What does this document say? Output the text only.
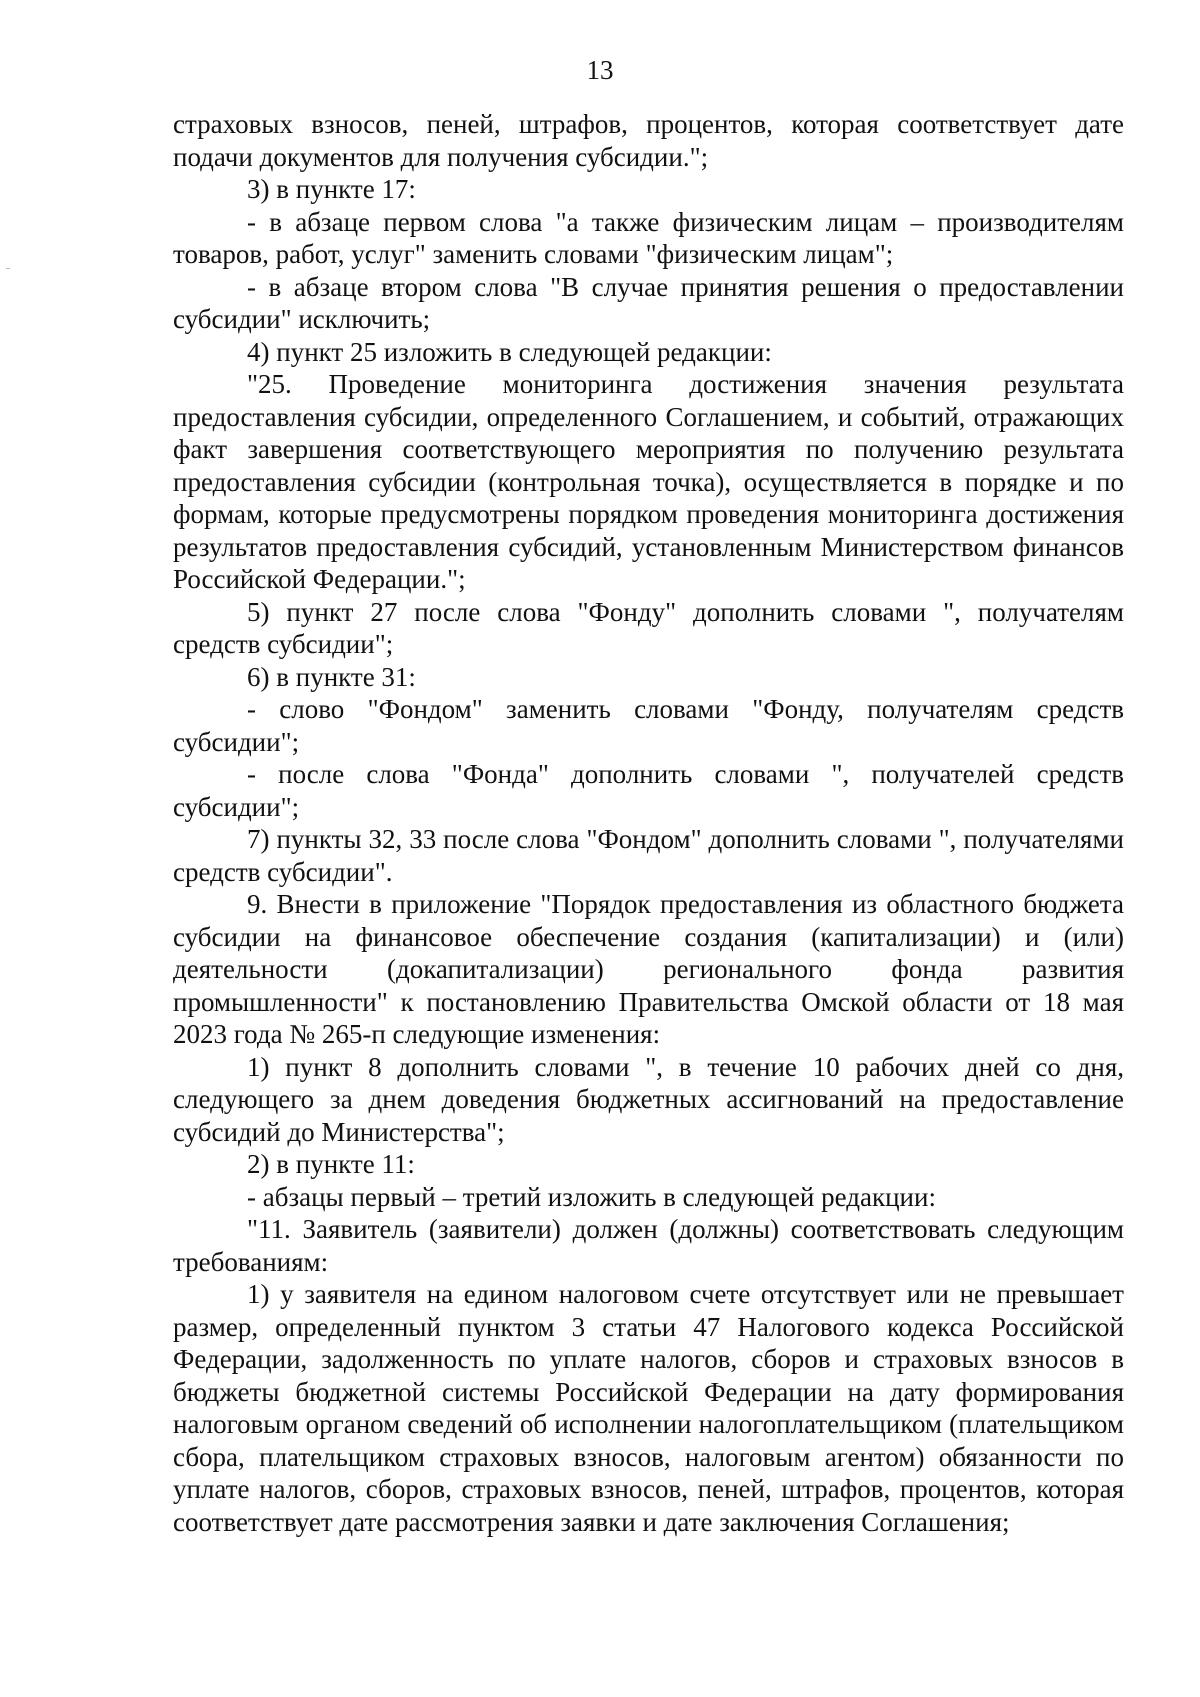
13

страховых взносов, пеней, штрафов, процентов, которая соответствует дате подачи документов для получения субсидии.";

3) в пункте 17:

- в абзаце первом слова "а также физическим лицам – производителям товаров, работ, услуг" заменить словами "физическим лицам";

- в абзаце втором слова "В случае принятия решения о предоставлении субсидии" исключить;

4) пункт 25 изложить в следующей редакции:

"25. Проведение мониторинга достижения значения результата предоставления субсидии, определенного Соглашением, и событий, отражающих факт завершения соответствующего мероприятия по получению результата предоставления субсидии (контрольная точка), осуществляется в порядке и по формам, которые предусмотрены порядком проведения мониторинга достижения результатов предоставления субсидий, установленным Министерством финансов Российской Федерации.";

5) пункт 27 после слова "Фонду" дополнить словами ", получателям средств субсидии";

6) в пункте 31:

- слово "Фондом" заменить словами "Фонду, получателям средств субсидии";

- после слова "Фонда" дополнить словами ", получателей средств субсидии";

7) пункты 32, 33 после слова "Фондом" дополнить словами ", получателями средств субсидии".

9. Внести в приложение "Порядок предоставления из областного бюджета субсидии на финансовое обеспечение создания (капитализации) и (или) деятельности (докапитализации) регионального фонда развития промышленности" к постановлению Правительства Омской области от 18 мая 2023 года № 265-п следующие изменения:

1) пункт 8 дополнить словами ", в течение 10 рабочих дней со дня, следующего за днем доведения бюджетных ассигнований на предоставление субсидий до Министерства";

2) в пункте 11:

- абзацы первый – третий изложить в следующей редакции:

"11. Заявитель (заявители) должен (должны) соответствовать следующим требованиям:

1) у заявителя на едином налоговом счете отсутствует или не превышает размер, определенный пунктом 3 статьи 47 Налогового кодекса Российской Федерации, задолженность по уплате налогов, сборов и страховых взносов в бюджеты бюджетной системы Российской Федерации на дату формирования налоговым органом сведений об исполнении налогоплательщиком (плательщиком сбора, плательщиком страховых взносов, налоговым агентом) обязанности по уплате налогов, сборов, страховых взносов, пеней, штрафов, процентов, которая соответствует дате рассмотрения заявки и дате заключения Соглашения;
